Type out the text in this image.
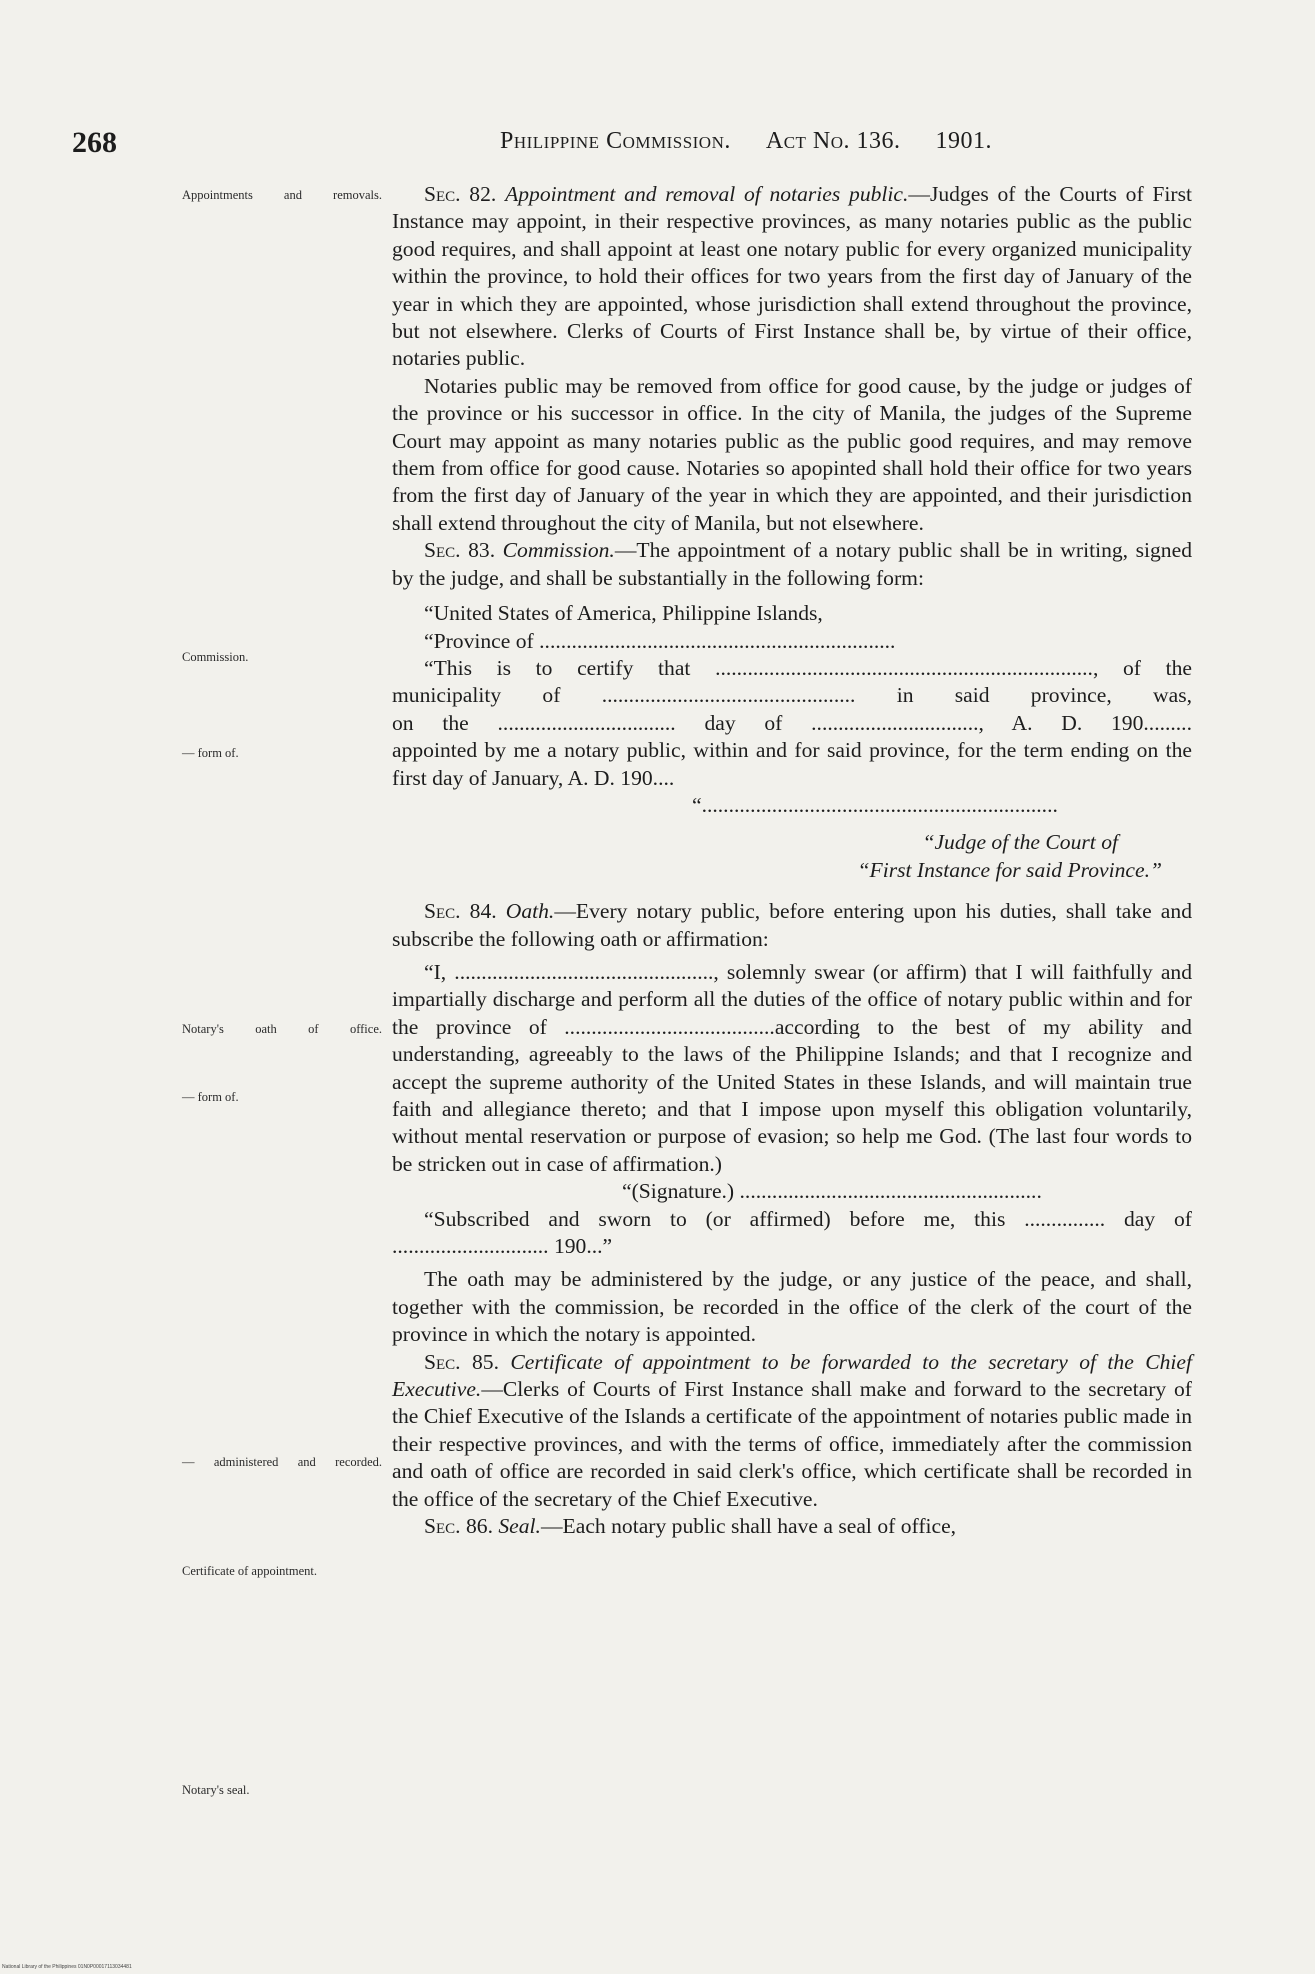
268	Philippine Commission. Act No. 136. 1901.
Appointments and removals.
Commission.
— form of.
Notary's oath of office.
— form of.
— administered and recorded.
Certificate of appointment.
Notary's seal.

Sec. 82. Appointment and removal of notaries public.—Judges of the Courts of First Instance may appoint, in their respective provinces, as many notaries public as the public good requires, and shall appoint at least one notary public for every organized municipality within the province, to hold their offices for two years from the first day of January of the year in which they are appointed, whose jurisdiction shall extend throughout the province, but not elsewhere. Clerks of Courts of First Instance shall be, by virtue of their office, notaries public.

Notaries public may be removed from office for good cause, by the judge or judges of the province or his successor in office. In the city of Manila, the judges of the Supreme Court may appoint as many notaries public as the public good requires, and may remove them from office for good cause. Notaries so apopinted shall hold their office for two years from the first day of January of the year in which they are appointed, and their jurisdiction shall extend throughout the city of Manila, but not elsewhere.

Sec. 83. Commission.—The appointment of a notary public shall be in writing, signed by the judge, and shall be substantially in the following form:

“United States of America, Philippine Islands,

“Province of ..................................................................

“This is to certify that ......................................................................, of the

municipality of ............................................... in said province, was,

on the ................................. day of ..............................., A. D. 190.........

appointed by me a notary public, within and for said province, for the term ending on the first day of January, A. D. 190....

“..................................................................
“Judge of the Court of
“First Instance for said Province.”

Sec. 84. Oath.—Every notary public, before entering upon his duties, shall take and subscribe the following oath or affirmation:

“I, ................................................, solemnly swear (or affirm) that I will faithfully and impartially discharge and perform all the duties of the office of notary public within and for the province of .......................................according to the best of my ability and understanding, agreeably to the laws of the Philippine Islands; and that I recognize and accept the supreme authority of the United States in these Islands, and will maintain true faith and allegiance thereto; and that I impose upon myself this obligation voluntarily, without mental reservation or purpose of evasion; so help me God. (The last four words to be stricken out in case of affirmation.)

“(Signature.) ........................................................

“Subscribed and sworn to (or affirmed) before me, this ............... day of ............................. 190...”

The oath may be administered by the judge, or any justice of the peace, and shall, together with the commission, be recorded in the office of the clerk of the court of the province in which the notary is appointed.

Sec. 85. Certificate of appointment to be forwarded to the secretary of the Chief Executive.—Clerks of Courts of First Instance shall make and forward to the secretary of the Chief Executive of the Islands a certificate of the appointment of notaries public made in their respective provinces, and with the terms of office, immediately after the commission and oath of office are recorded in said clerk's office, which certificate shall be recorded in the office of the secretary of the Chief Executive.

Sec. 86. Seal.—Each notary public shall have a seal of office,

National Library of the Philippines 01N0P00017113034481
